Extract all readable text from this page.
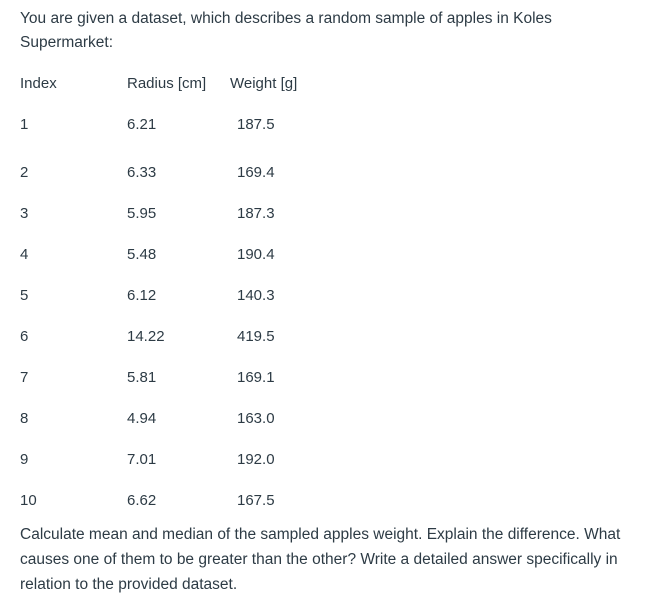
You are given a dataset, which describes a random sample of apples in Koles Supermarket:

Index	Radius [cm]	Weight [g]
1	6.21	187.5
2	6.33	169.4
3	5.95	187.3
4	5.48	190.4
5	6.12	140.3
6	14.22	419.5
7	5.81	169.1
8	4.94	163.0
9	7.01	192.0
10	6.62	167.5

Calculate mean and median of the sampled apples weight. Explain the difference. What causes one of them to be greater than the other? Write a detailed answer specifically in relation to the provided dataset.
